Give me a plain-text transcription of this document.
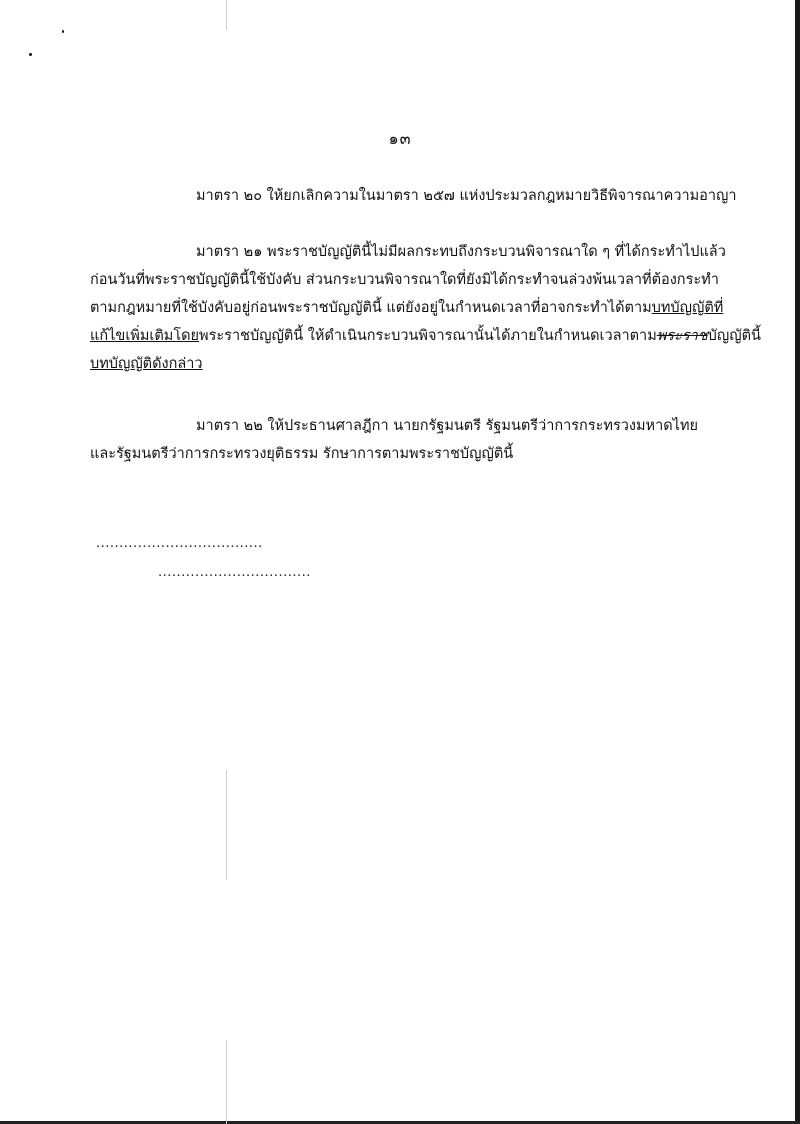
๑๓
มาตรา ๒๐ ให้ยกเลิกความในมาตรา ๒๕๗ แห่งประมวลกฎหมายวิธีพิจารณาความอาญา
มาตรา ๒๑ พระราชบัญญัตินี้ไม่มีผลกระทบถึงกระบวนพิจารณาใด ๆ ที่ได้กระทำไปแล้ว
ก่อนวันที่พระราชบัญญัตินี้ใช้บังคับ ส่วนกระบวนพิจารณาใดที่ยังมิได้กระทำจนล่วงพ้นเวลาที่ต้องกระทำ
ตามกฎหมายที่ใช้บังคับอยู่ก่อนพระราชบัญญัตินี้ แต่ยังอยู่ในกำหนดเวลาที่อาจกระทำได้ตามบทบัญญัติที่
แก้ไขเพิ่มเติมโดยพระราชบัญญัตินี้ ให้ดำเนินกระบวนพิจารณานั้นได้ภายในกำหนดเวลาตามพระราชบัญญัตินี้
บทบัญญัติดังกล่าว
มาตรา ๒๒ ให้ประธานศาลฎีกา นายกรัฐมนตรี รัฐมนตรีว่าการกระทรวงมหาดไทย
และรัฐมนตรีว่าการกระทรวงยุติธรรม รักษาการตามพระราชบัญญัตินี้
....................................
.................................
